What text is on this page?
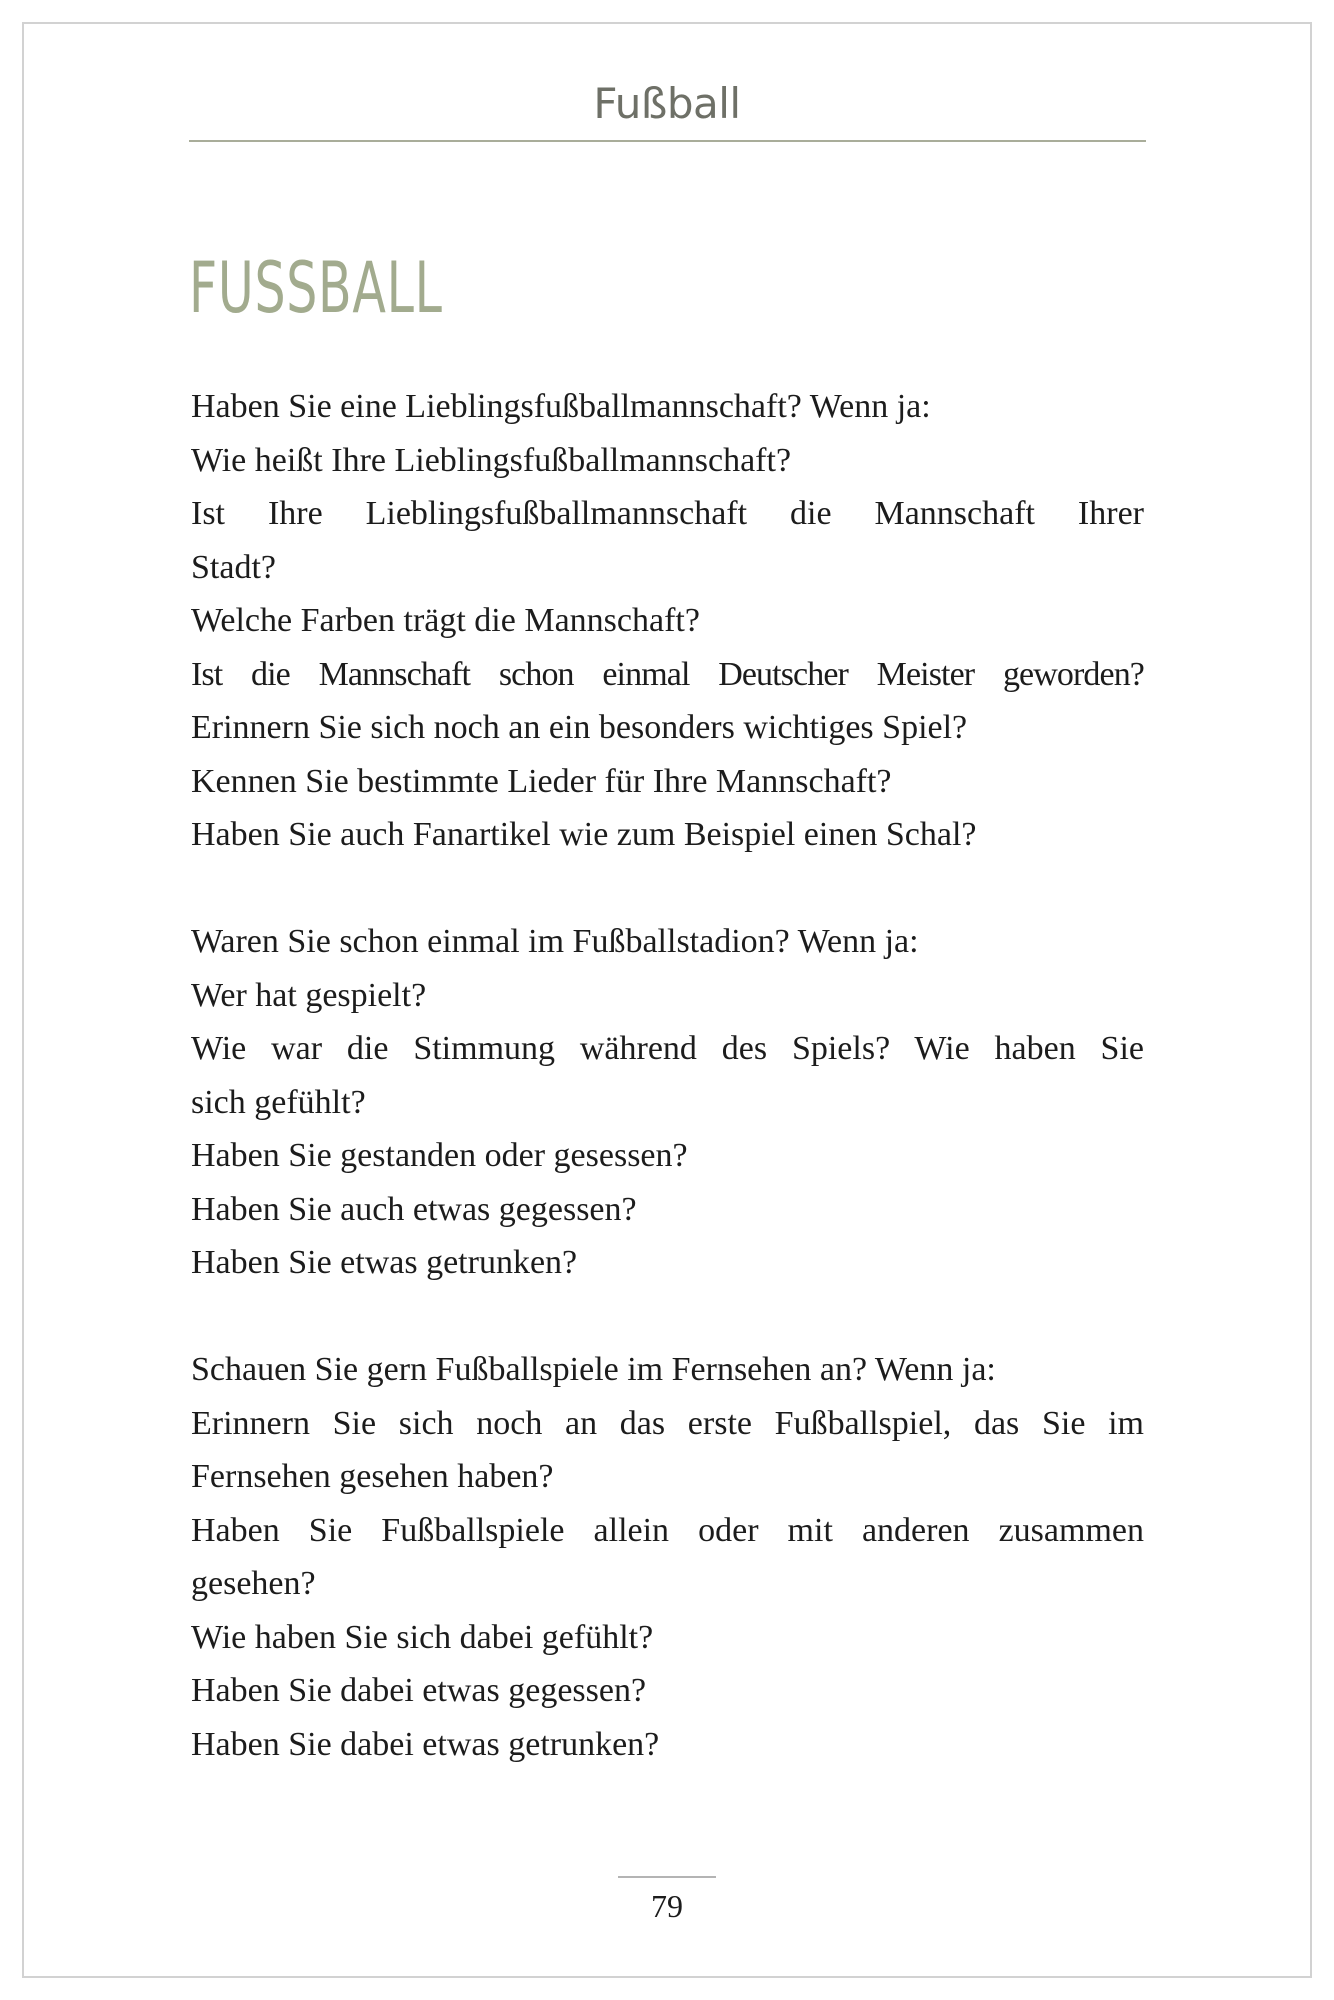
Fußball
FUSSBALL

Haben Sie eine Lieblingsfußballmannschaft? Wenn ja:
Wie heißt Ihre Lieblingsfußballmannschaft?
Ist Ihre Lieblingsfußballmannschaft die Mannschaft Ihrer
Stadt?
Welche Farben trägt die Mannschaft?
Ist die Mannschaft schon einmal Deutscher Meister geworden?
Erinnern Sie sich noch an ein besonders wichtiges Spiel?
Kennen Sie bestimmte Lieder für Ihre Mannschaft?
Haben Sie auch Fanartikel wie zum Beispiel einen Schal?

Waren Sie schon einmal im Fußballstadion? Wenn ja:
Wer hat gespielt?
Wie war die Stimmung während des Spiels? Wie haben Sie
sich gefühlt?
Haben Sie gestanden oder gesessen?
Haben Sie auch etwas gegessen?
Haben Sie etwas getrunken?

Schauen Sie gern Fußballspiele im Fernsehen an? Wenn ja:
Erinnern Sie sich noch an das erste Fußballspiel, das Sie im
Fernsehen gesehen haben?
Haben Sie Fußballspiele allein oder mit anderen zusammen
gesehen?
Wie haben Sie sich dabei gefühlt?
Haben Sie dabei etwas gegessen?
Haben Sie dabei etwas getrunken?

79
